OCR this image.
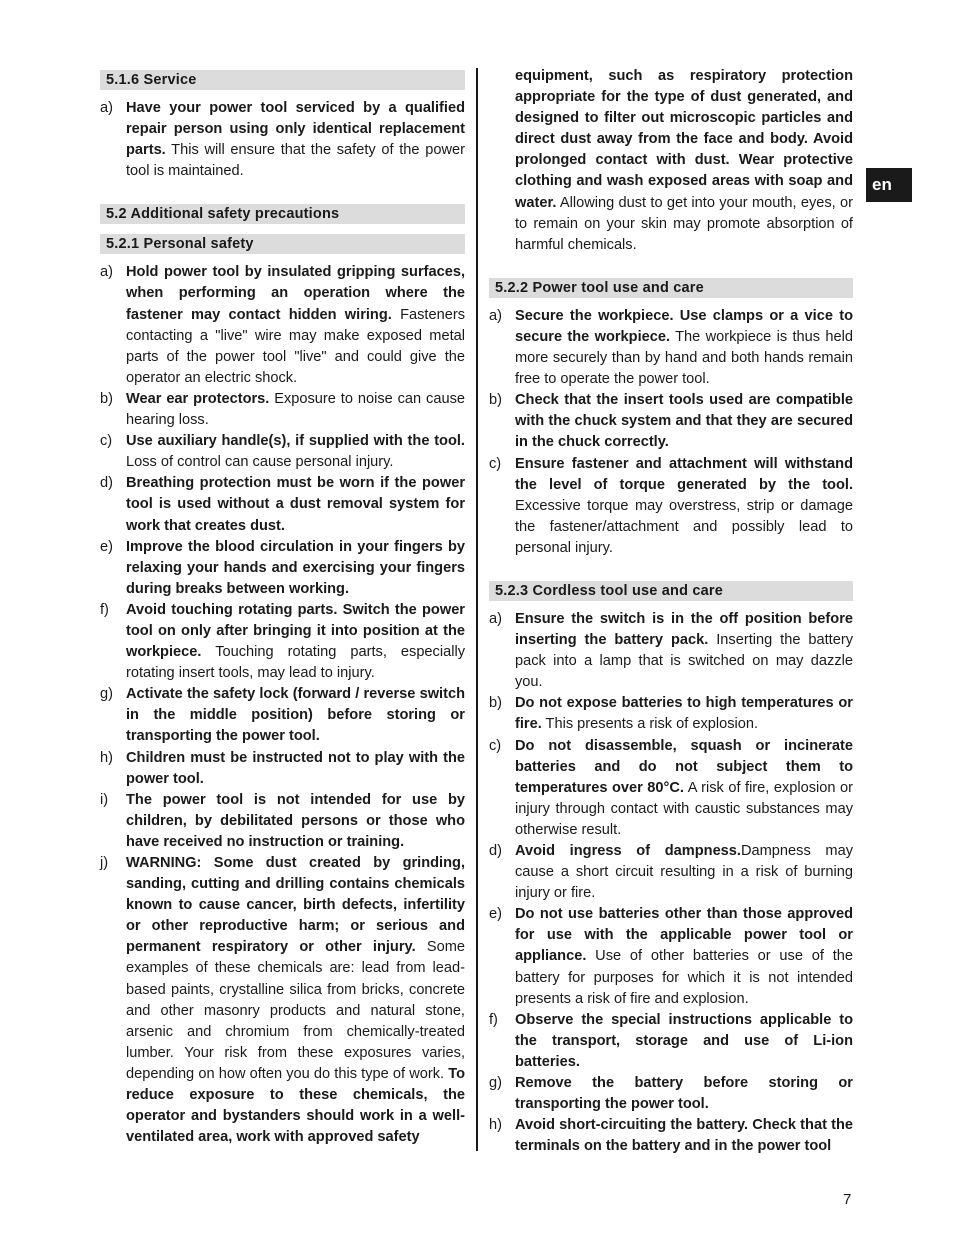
5.1.6 Service
a) Have your power tool serviced by a qualified repair person using only identical replacement parts. This will ensure that the safety of the power tool is maintained.
5.2 Additional safety precautions
5.2.1 Personal safety
a) Hold power tool by insulated gripping surfaces, when performing an operation where the fastener may contact hidden wiring. Fasteners contacting a "live" wire may make exposed metal parts of the power tool "live" and could give the operator an electric shock.
b) Wear ear protectors. Exposure to noise can cause hearing loss.
c) Use auxiliary handle(s), if supplied with the tool. Loss of control can cause personal injury.
d) Breathing protection must be worn if the power tool is used without a dust removal system for work that creates dust.
e) Improve the blood circulation in your fingers by relaxing your hands and exercising your fingers during breaks between working.
f)	Avoid touching rotating parts. Switch the power tool on only after bringing it into position at the workpiece. Touching rotating parts, especially rotating insert tools, may lead to injury.
g) Activate the safety lock (forward / reverse switch in the middle position) before storing or transporting the power tool.
h) Children must be instructed not to play with the power tool.
i)	The power tool is not intended for use by children, by debilitated persons or those who have received no instruction or training.
j)	WARNING: Some dust created by grinding, sanding, cutting and drilling contains chemicals known to cause cancer, birth defects, infertility or other reproductive harm; or serious and permanent respiratory or other injury. Some examples of these chemicals are: lead from lead-based paints, crystalline silica from bricks, concrete and other masonry products and natural stone, arsenic and chromium from chemically-treated lumber. Your risk from these exposures varies, depending on how often you do this type of work. To reduce exposure to these chemicals, the operator and bystanders should work in a well-ventilated area, work with approved safety
equipment, such as respiratory protection appropriate for the type of dust generated, and designed to filter out microscopic particles and direct dust away from the face and body. Avoid prolonged contact with dust. Wear protective clothing and wash exposed areas with soap and water. Allowing dust to get into your mouth, eyes, or to remain on your skin may promote absorption of harmful chemicals.
5.2.2 Power tool use and care
a) Secure the workpiece. Use clamps or a vice to secure the workpiece. The workpiece is thus held more securely than by hand and both hands remain free to operate the power tool.
b) Check that the insert tools used are compatible with the chuck system and that they are secured in the chuck correctly.
c) Ensure fastener and attachment will withstand the level of torque generated by the tool. Excessive torque may overstress, strip or damage the fastener/attachment and possibly lead to personal injury.
5.2.3 Cordless tool use and care
a) Ensure the switch is in the off position before inserting the battery pack. Inserting the battery pack into a lamp that is switched on may dazzle you.
b) Do not expose batteries to high temperatures or fire. This presents a risk of explosion.
c) Do not disassemble, squash or incinerate batteries and do not subject them to temperatures over 80°C. A risk of fire, explosion or injury through contact with caustic substances may otherwise result.
d) Avoid ingress of dampness.Dampness may cause a short circuit resulting in a risk of burning injury or fire.
e) Do not use batteries other than those approved for use with the applicable power tool or appliance. Use of other batteries or use of the battery for purposes for which it is not intended presents a risk of fire and explosion.
f)	Observe the special instructions applicable to the transport, storage and use of Li-ion batteries.
g) Remove the battery before storing or transporting the power tool.
h) Avoid short-circuiting the battery. Check that the terminals on the battery and in the power tool
en
7
